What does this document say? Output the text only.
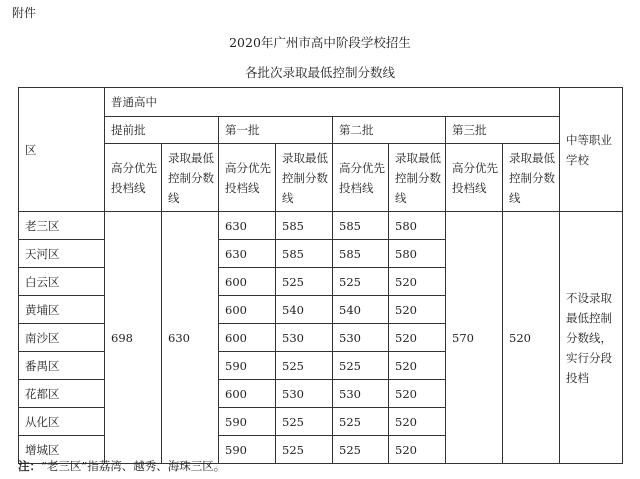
附件
2020年广州市高中阶段学校招生
各批次录取最低控制分数线
区	普通高中								中等职业学校
	提前批		第一批		第二批		第三批		
	高分优先投档线	录取最低控制分数线	高分优先投档线	录取最低控制分数线	高分优先投档线	录取最低控制分数线	高分优先投档线	录取最低控制分数线	
老三区	698	630	630	585	585	580	570	520	不设录取最低控制分数线，实行分段投档
天河区			630	585	585	580			
白云区			600	525	525	520			
黄埔区			600	540	540	520			
南沙区			600	530	530	520			
番禺区			590	525	525	520			
花都区			600	530	530	520			
从化区			590	525	525	520			
增城区			590	525	525	520			
注：“老三区”指荔湾、越秀、海珠三区。
